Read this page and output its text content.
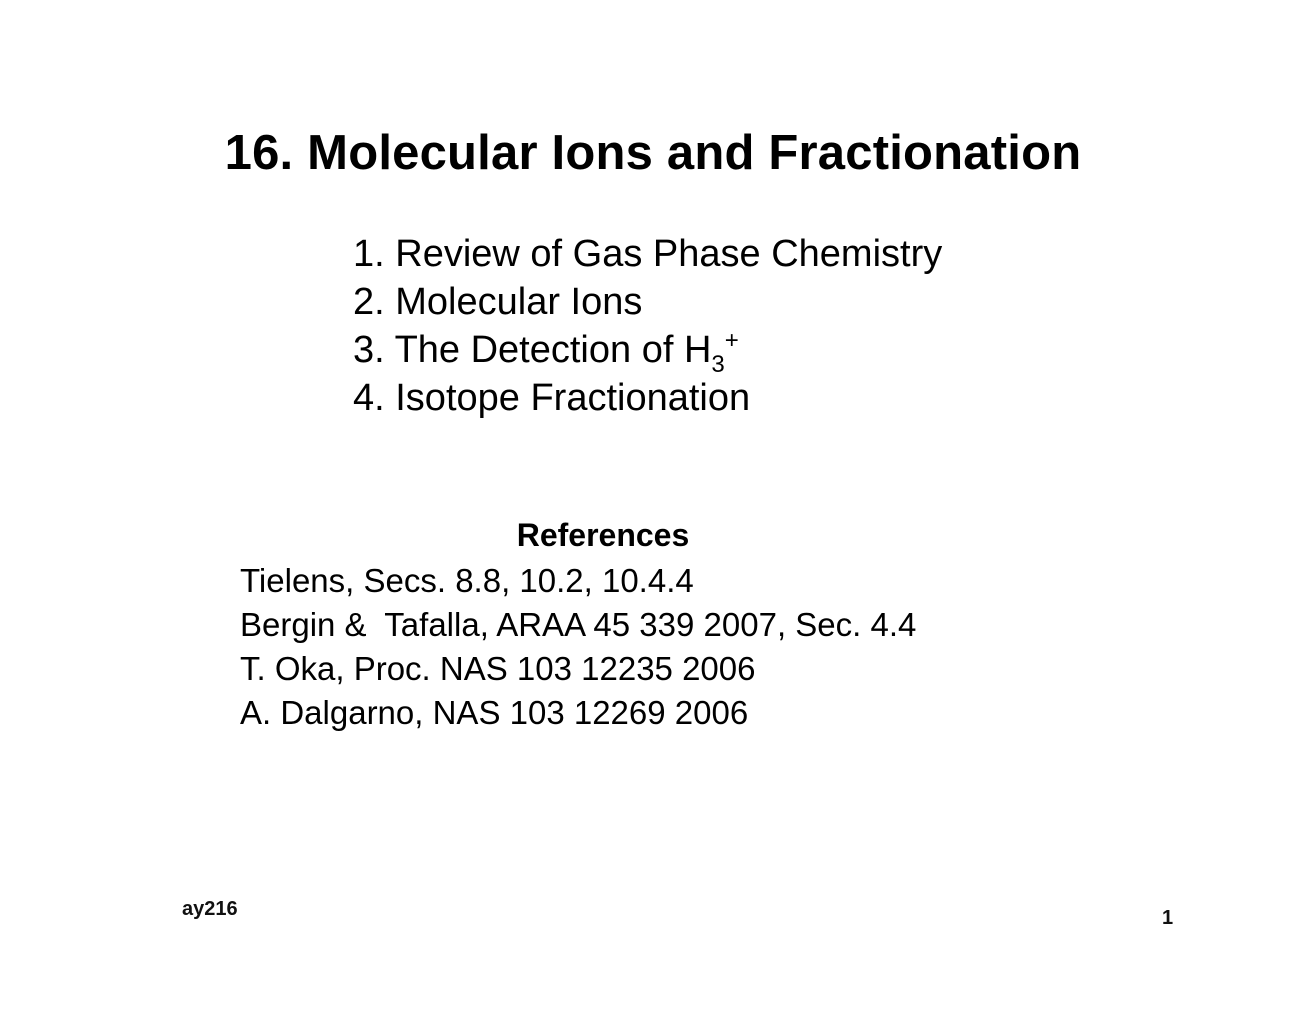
16. Molecular Ions and Fractionation
1. Review of Gas Phase Chemistry
2. Molecular Ions
3. The Detection of $H_3^+$
4. Isotope Fractionation
References
Tielens, Secs. 8.8, 10.2, 10.4.4
Bergin &  Tafalla, ARAA 45 339 2007, Sec. 4.4
T. Oka, Proc. NAS 103 12235 2006
A. Dalgarno, NAS 103 12269 2006
ay216	1
